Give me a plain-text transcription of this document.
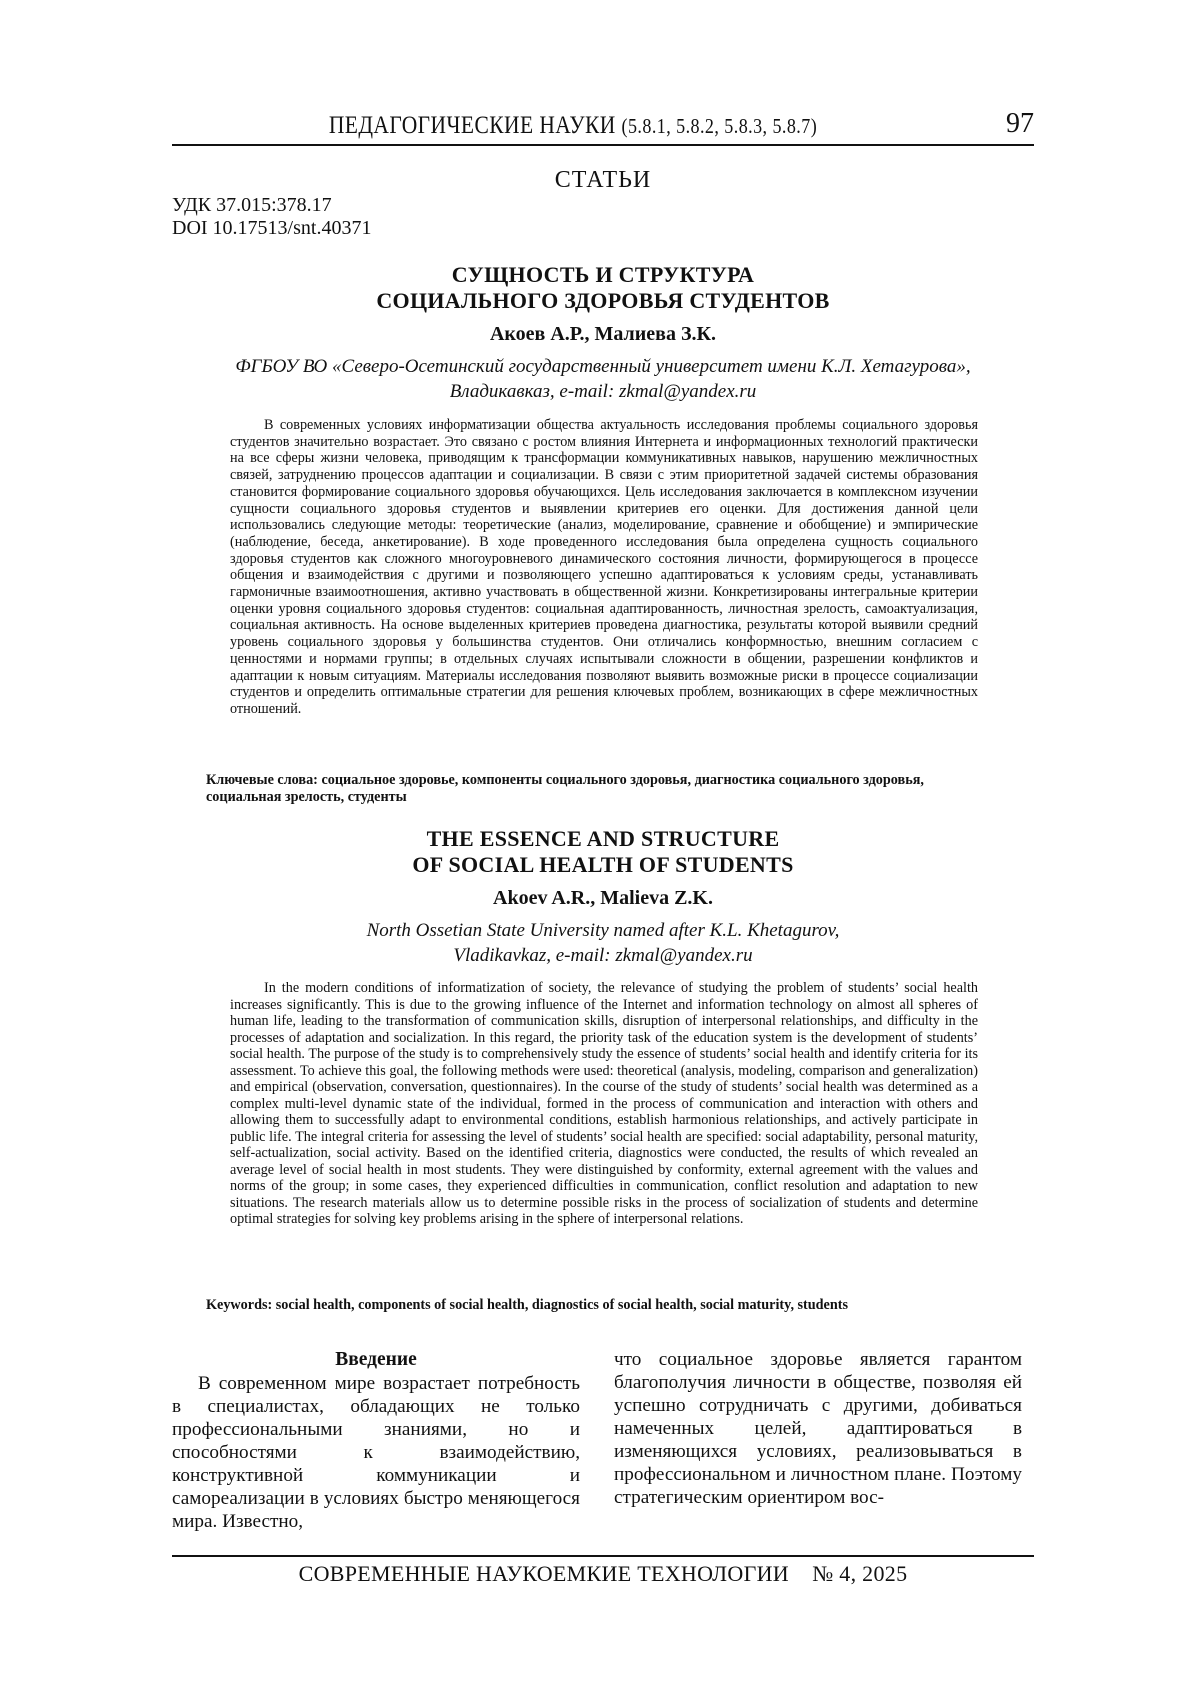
ПЕДАГОГИЧЕСКИЕ НАУКИ (5.8.1, 5.8.2, 5.8.3, 5.8.7)	97
СТАТЬИ
УДК 37.015:378.17
DOI 10.17513/snt.40371
СУЩНОСТЬ И СТРУКТУРА
СОЦИАЛЬНОГО ЗДОРОВЬЯ СТУДЕНТОВ
Акоев А.Р., Малиева З.К.
ФГБОУ ВО «Северо-Осетинский государственный университет имени К.Л. Хетагурова»,
Владикавказ, e-mail: zkmal@yandex.ru

В современных условиях информатизации общества актуальность исследования проблемы социального здоровья студентов значительно возрастает. Это связано с ростом влияния Интернета и информационных технологий практически на все сферы жизни человека, приводящим к трансформации коммуникативных навыков, нарушению межличностных связей, затруднению процессов адаптации и социализации. В связи с этим приоритетной задачей системы образования становится формирование социального здоровья обучающихся. Цель исследования заключается в комплексном изучении сущности социального здоровья студентов и выявлении критериев его оценки. Для достижения данной цели использовались следующие методы: теоретические (анализ, моделирование, сравнение и обобщение) и эмпирические (наблюдение, беседа, анкетирование). В ходе проведенного исследования была определена сущность социального здоровья студентов как сложного многоуровневого динамического состояния личности, формирующегося в процессе общения и взаимодействия с другими и позволяющего успешно адаптироваться к условиям среды, устанавливать гармоничные взаимоотношения, активно участвовать в общественной жизни. Конкретизированы интегральные критерии оценки уровня социального здоровья студентов: социальная адаптированность, личностная зрелость, самоактуализация, социальная активность. На основе выделенных критериев проведена диагностика, результаты которой выявили средний уровень социального здоровья у большинства студентов. Они отличались конформностью, внешним согласием с ценностями и нормами группы; в отдельных случаях испытывали сложности в общении, разрешении конфликтов и адаптации к новым ситуациям. Материалы исследования позволяют выявить возможные риски в процессе социализации студентов и определить оптимальные стратегии для решения ключевых проблем, возникающих в сфере межличностных отношений.

Ключевые слова: социальное здоровье, компоненты социального здоровья, диагностика социального здоровья, социальная зрелость, студенты
THE ESSENCE AND STRUCTURE
OF SOCIAL HEALTH OF STUDENTS
Akoev A.R., Malieva Z.K.
North Ossetian State University named after K.L. Khetagurov,
Vladikavkaz, e-mail: zkmal@yandex.ru

In the modern conditions of informatization of society, the relevance of studying the problem of students’ social health increases significantly. This is due to the growing influence of the Internet and information technology on almost all spheres of human life, leading to the transformation of communication skills, disruption of interpersonal relationships, and difficulty in the processes of adaptation and socialization. In this regard, the priority task of the education system is the development of students’ social health. The purpose of the study is to comprehensively study the essence of students’ social health and identify criteria for its assessment. To achieve this goal, the following methods were used: theoretical (analysis, modeling, comparison and generalization) and empirical (observation, conversation, questionnaires). In the course of the study of students’ social health was determined as a complex multi-level dynamic state of the individual, formed in the process of communication and interaction with others and allowing them to successfully adapt to environmental conditions, establish harmonious relationships, and actively participate in public life. The integral criteria for assessing the level of students’ social health are specified: social adaptability, personal maturity, self-actualization, social activity. Based on the identified criteria, diagnostics were conducted, the results of which revealed an average level of social health in most students. They were distinguished by conformity, external agreement with the values and norms of the group; in some cases, they experienced difficulties in communication, conflict resolution and adaptation to new situations. The research materials allow us to determine possible risks in the process of socialization of students and determine optimal strategies for solving key problems arising in the sphere of interpersonal relations.

Keywords: social health, components of social health, diagnostics of social health, social maturity, students

Введение

В современном мире возрастает потребность в специалистах, обладающих не только профессиональными знаниями, но и способностями к взаимодействию, конструктивной коммуникации и самореализации в условиях быстро меняющегося мира. Известно,

что социальное здоровье является гарантом благополучия личности в обществе, позволяя ей успешно сотрудничать с другими, добиваться намеченных целей, адаптироваться в изменяющихся условиях, реализовываться в профессиональном и личностном плане. Поэтому стратегическим ориентиром вос-

СОВРЕМЕННЫЕ НАУКОЕМКИЕ ТЕХНОЛОГИИ № 4, 2025
